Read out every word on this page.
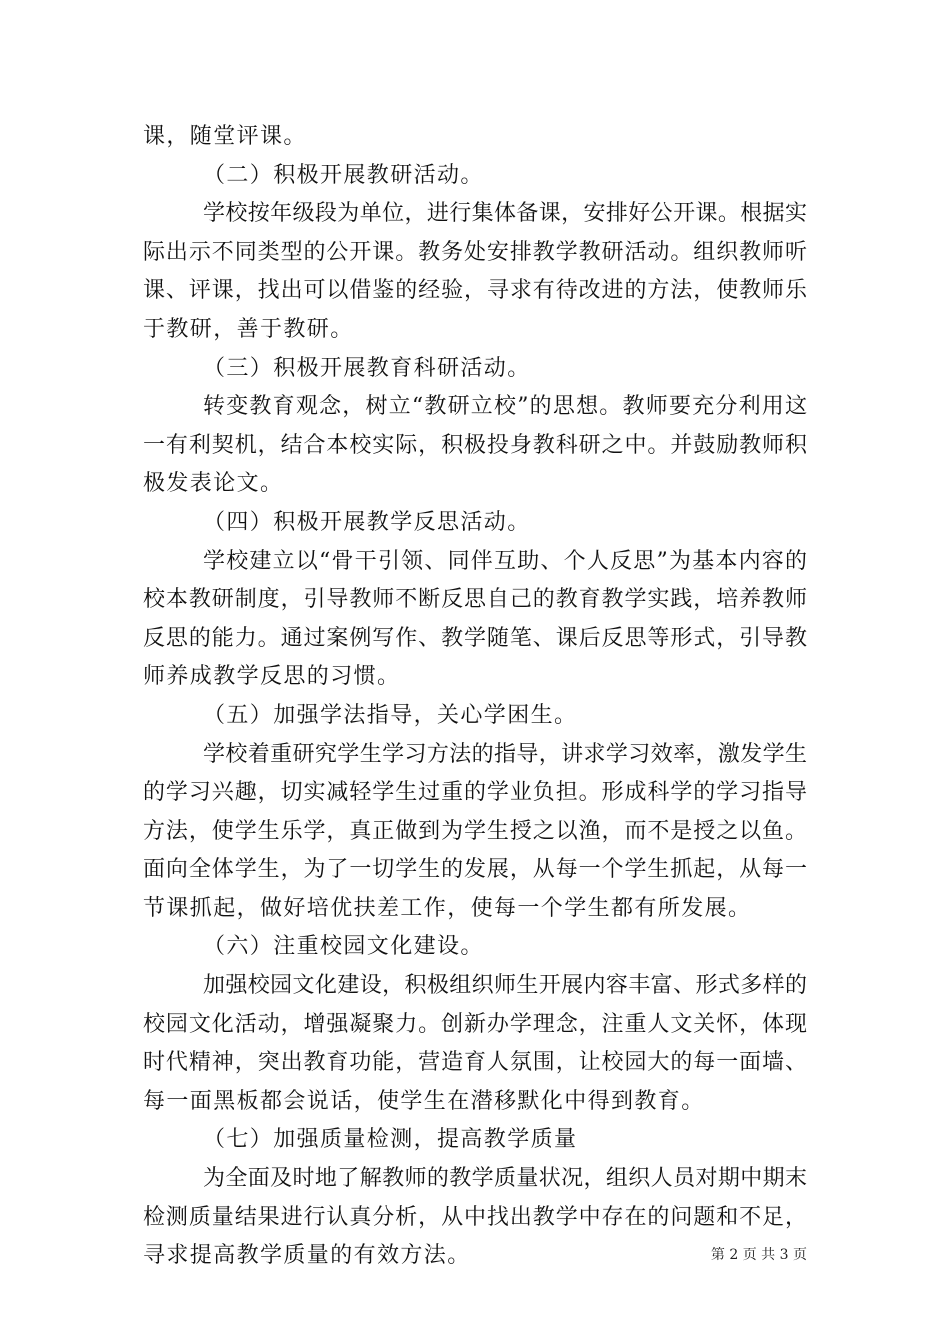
课，随堂评课。
（二）积极开展教研活动。
学校按年级段为单位，进行集体备课，安排好公开课。根据实
际出示不同类型的公开课。教务处安排教学教研活动。组织教师听
课、评课，找出可以借鉴的经验，寻求有待改进的方法，使教师乐
于教研，善于教研。
（三）积极开展教育科研活动。
转变教育观念，树立“教研立校”的思想。教师要充分利用这
一有利契机，结合本校实际，积极投身教科研之中。并鼓励教师积
极发表论文。
（四）积极开展教学反思活动。
学校建立以“骨干引领、同伴互助、个人反思”为基本内容的
校本教研制度，引导教师不断反思自己的教育教学实践，培养教师
反思的能力。通过案例写作、教学随笔、课后反思等形式，引导教
师养成教学反思的习惯。
（五）加强学法指导，关心学困生。
学校着重研究学生学习方法的指导，讲求学习效率，激发学生
的学习兴趣，切实减轻学生过重的学业负担。形成科学的学习指导
方法，使学生乐学，真正做到为学生授之以渔，而不是授之以鱼。
面向全体学生，为了一切学生的发展，从每一个学生抓起，从每一
节课抓起，做好培优扶差工作，使每一个学生都有所发展。
（六）注重校园文化建设。
加强校园文化建设，积极组织师生开展内容丰富、形式多样的
校园文化活动，增强凝聚力。创新办学理念，注重人文关怀，体现
时代精神，突出教育功能，营造育人氛围，让校园大的每一面墙、
每一面黑板都会说话，使学生在潜移默化中得到教育。
（七）加强质量检测，提高教学质量
为全面及时地了解教师的教学质量状况，组织人员对期中期末
检测质量结果进行认真分析，从中找出教学中存在的问题和不足，
寻求提高教学质量的有效方法。	第 2 页 共 3 页
